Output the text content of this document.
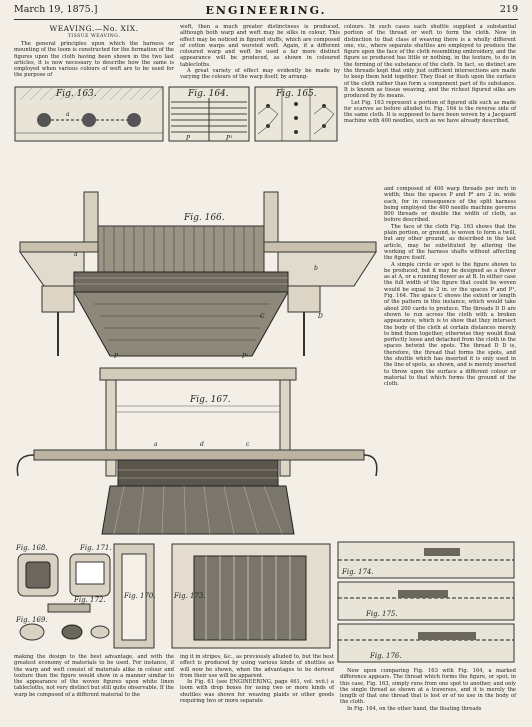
March 19, 1875.]	ENGINEERING.	219

WEAVING.—No. XIX.

TISSUE WEAVING.

The general principles upon which the harness or mounting of the loom is constructed for the formation of the figures upon the cloth having been shown in the two last articles, it is now necessary to describe how the same is employed when various colours of weft are to be used for the purpose of

weft, then a much greater distinctness is produced, although both warp and weft may be silks in colour. This effect may be noticed in figured stuffs, which are composed of cotton warps and worsted weft. Again, if a different coloured warp and weft be used a far more distinct appearance will be produced, as shown in coloured tablecloths.

A great variety of effect may evidently be made by varying the colours of the warp itself, by arrang-

colours. In such cases each shuttle supplied a substantial portion of the thread or weft to form the cloth. Now in distinction to that class of weaving there is a wholly different one, viz., where separate shuttles are employed to produce the figure upon the face of the cloth resembling embroidery, and the figure so produced has little or nothing, in the texture, to do in the forming of the substance of the cloth. In fact, so distinct are the threads kept that only just sufficient intersections are made to keep them held together. They float or flush upon the surface of the cloth rather than form a component part of its substance. It is known as tissue weaving, and the richest figured silks are produced by its means.

Let Fig. 163 represent a portion of figured silk such as made for scarves as before alluded to. Fig. 164 is the reverse side of the same cloth. It is supposed to have been woven by a Jacquard machine with 400 needles, such as we have already described,

and composed of 400 warp threads per inch in width; thus the spaces P and P¹ are 2 in. wide each, for in consequence of the split harness being employed the 400 needle machine governs 800 threads or double the width of cloth, as before described.

The face of the cloth Fig. 163 shows that the plain portion, or ground, is woven to form a twill, but any other ground, as described in the last article, may be substituted by altering the working of the harness shafts without affecting the figure itself.

A simple circle or spot is the figure shown to be produced, but it may be designed as a flower as at A, or a running flower as at B. In either case the full width of the figure that could be woven would be equal to 2 in. or the spaces P and P¹, Fig. 164. The space C shows the extent or length of the pattern in this instance, which would take about 200 cards to produce. The threads D D are shown to run across the cloth with a broken appearance, which is to show that they intersect the body of the cloth at certain distances merely to bind them together, otherwise they would float perfectly loose and detached from the cloth in the spaces betwixt the spots. The thread D D is, therefore, the thread that forms the spots, and the shuttle which has inserted it is only used in the line of spots, as shown, and is merely inserted to throw upon the surface a different colour or material to that which forms the ground of the cloth.

Fig. 163.
a
Fig. 164.
P	P¹
Fig. 165.
Fig. 166.
a
b
C	D
P	P¹
Fig. 167.
a	d	c
Fig. 168.	Fig. 171.
Fig. 172.
Fig. 169.
Fig. 170.	Fig. 173.
Fig. 174.
Fig. 175.
Fig. 176.

making the design to the best advantage, and with the greatest economy of materials to be used. For instance, if the warp and weft consist of materials alike in colour and texture then the figure would show in a manner similar to the appearance of the woven figures upon white linen tablecloths, not very distinct but still quite observable. If the warp be composed of a different material to the

ing it in stripes, &c., as previously alluded to, but the best effect is produced by using various kinds of shuttles as will now be shown, when the advantages to be derived from their use will be apparent.

In Fig. 61 (see ENGINEERING, page 461, vol. xvii.) a loom with drop boxes for using two or more kinds of shuttles was shown for weaving plaids or other goods requiring two or more separate

Now upon comparing Fig. 163 with Fig. 164, a marked difference appears. The thread which forms the figure, or spot, in this case, Fig. 163, simply runs from one spot to another, and only the single thread as shown at a traverses, and it is merely the length of that one thread that is lost or of no use in the body of the cloth.

In Fig. 164, on the other hand, the floating threads
